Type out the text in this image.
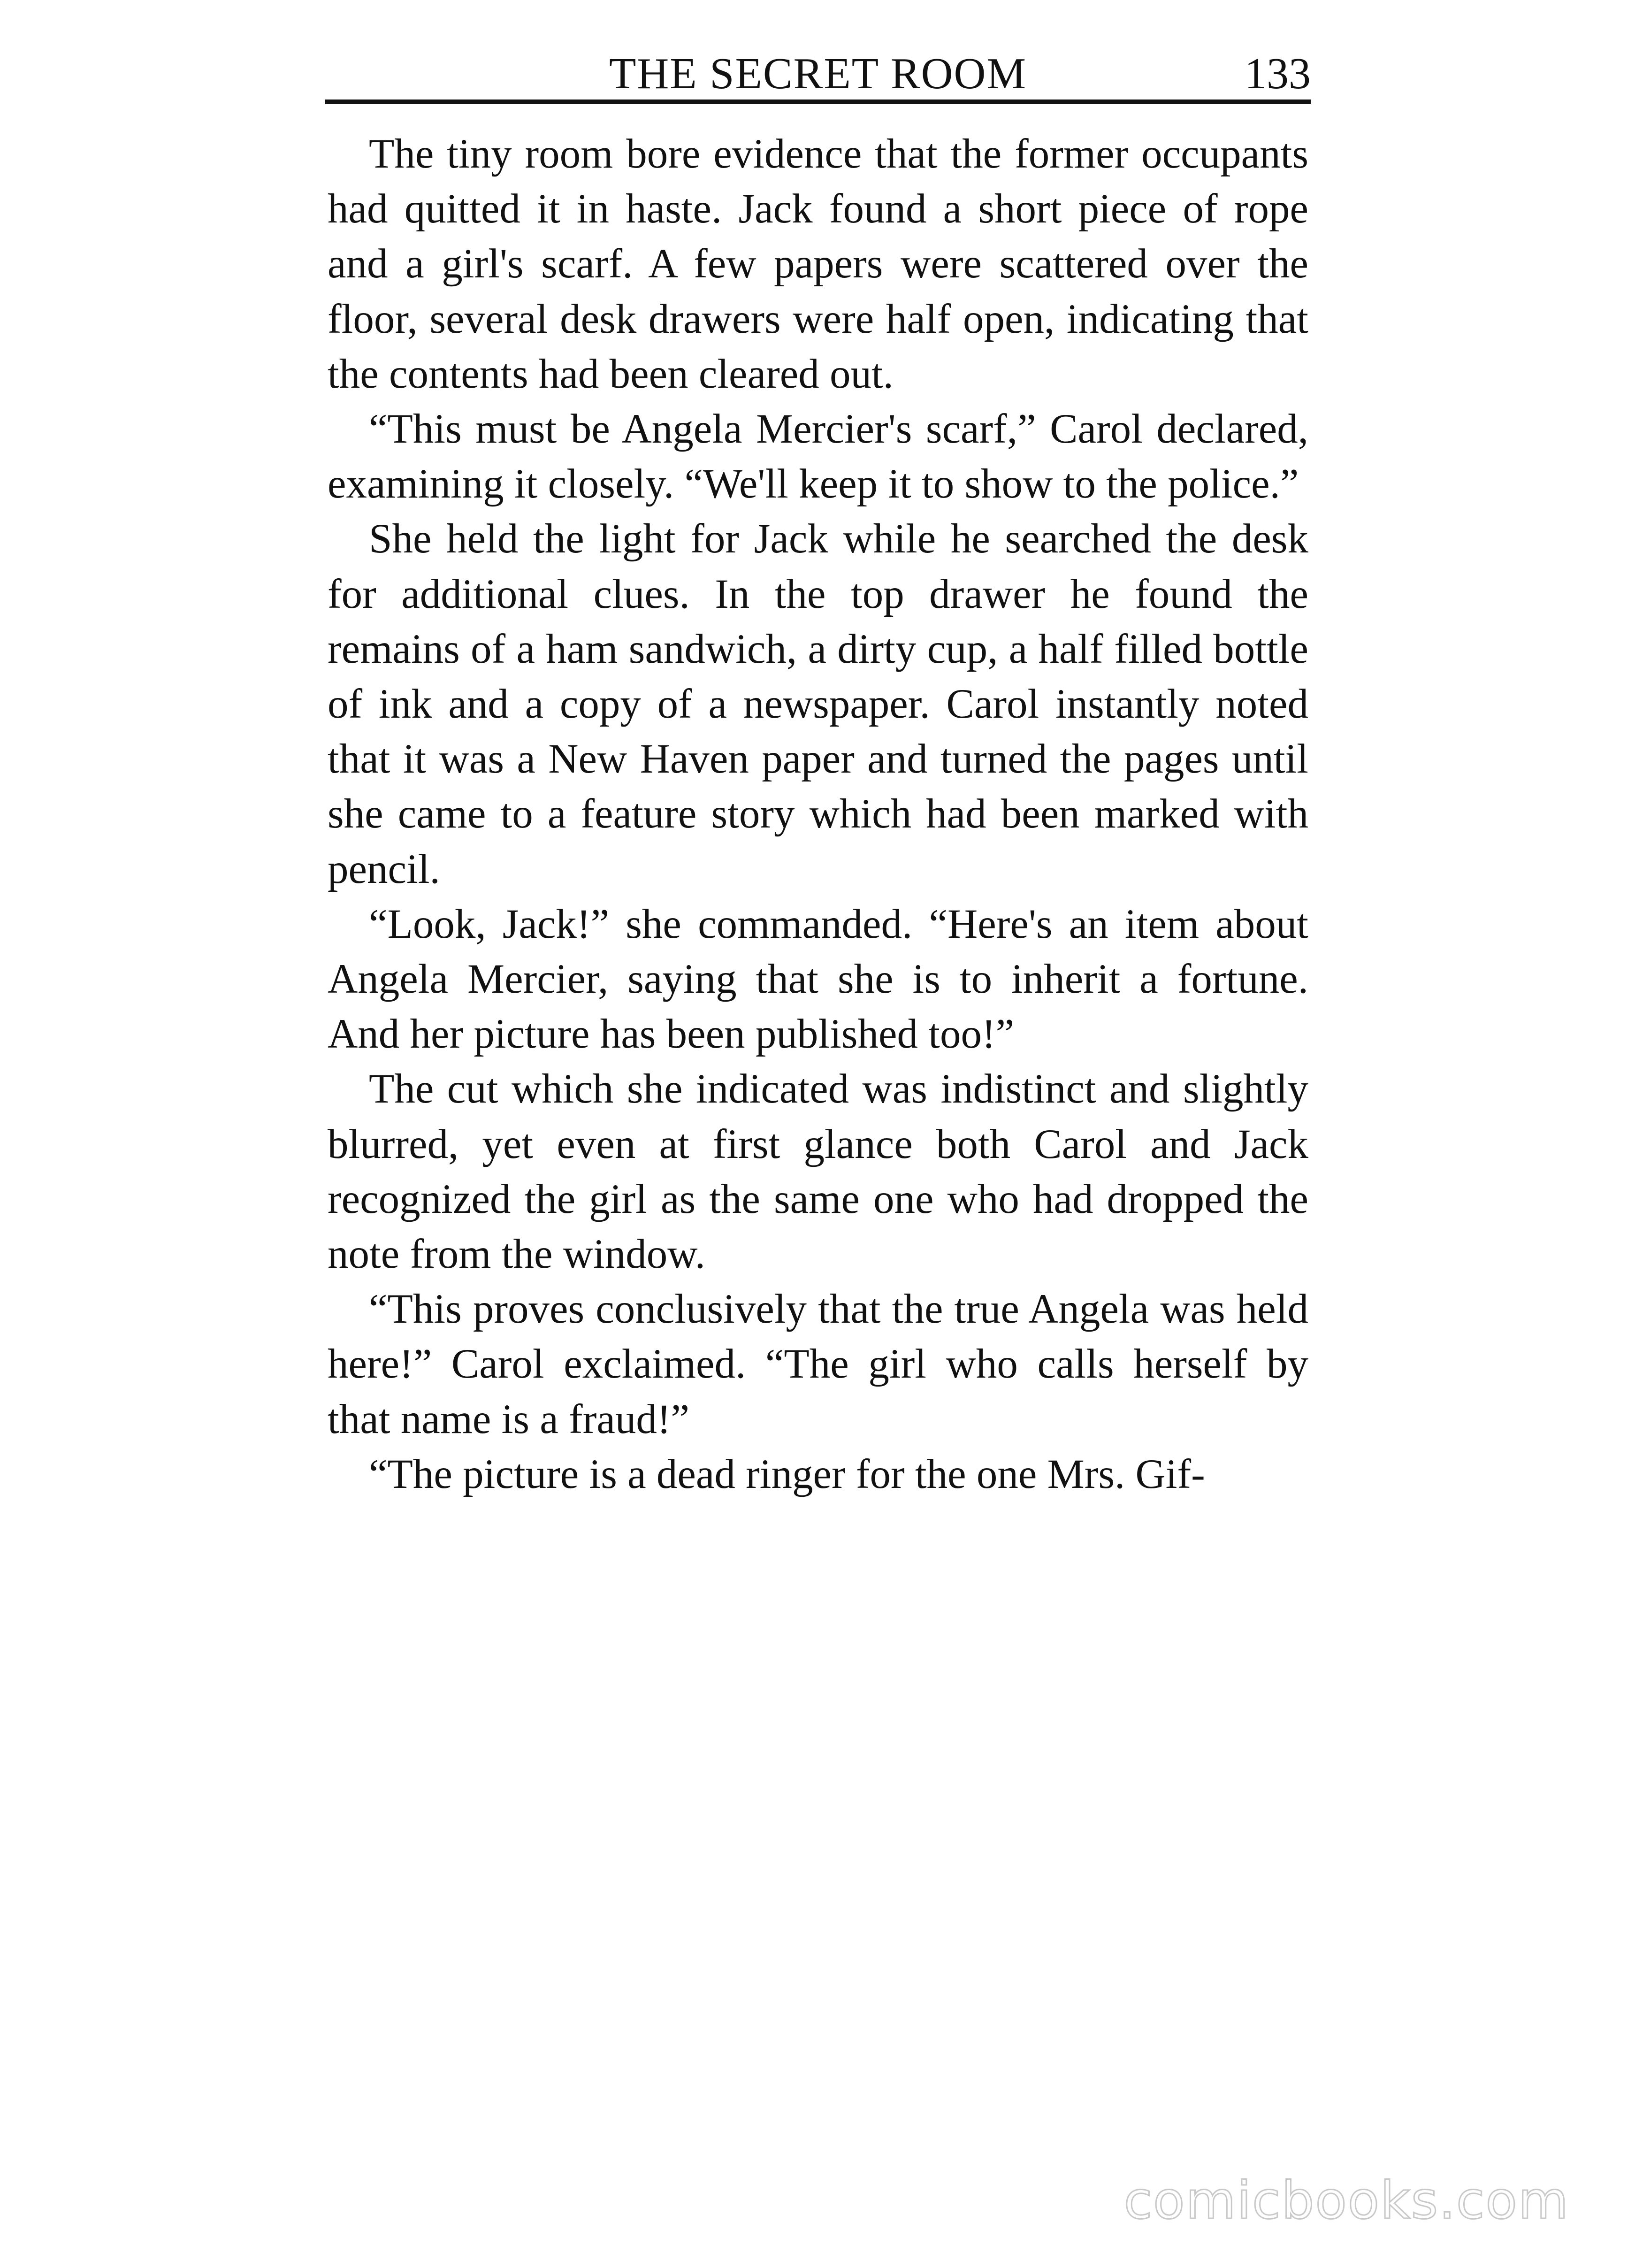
THE SECRET ROOM	133

The tiny room bore evidence that the former occupants had quitted it in haste. Jack found a short piece of rope and a girl's scarf. A few papers were scattered over the floor, several desk drawers were half open, indicating that the contents had been cleared out.

“This must be Angela Mercier's scarf,” Carol declared, examining it closely. “We'll keep it to show to the police.”

She held the light for Jack while he searched the desk for additional clues. In the top drawer he found the remains of a ham sandwich, a dirty cup, a half filled bottle of ink and a copy of a newspaper. Carol instantly noted that it was a New Haven paper and turned the pages until she came to a feature story which had been marked with pencil.

“Look, Jack!” she commanded. “Here's an item about Angela Mercier, saying that she is to inherit a fortune. And her picture has been published too!”

The cut which she indicated was indistinct and slightly blurred, yet even at first glance both Carol and Jack recognized the girl as the same one who had dropped the note from the window.

“This proves conclusively that the true Angela was held here!” Carol exclaimed. “The girl who calls herself by that name is a fraud!”

“The picture is a dead ringer for the one Mrs. Gif-

comicbooks.com
